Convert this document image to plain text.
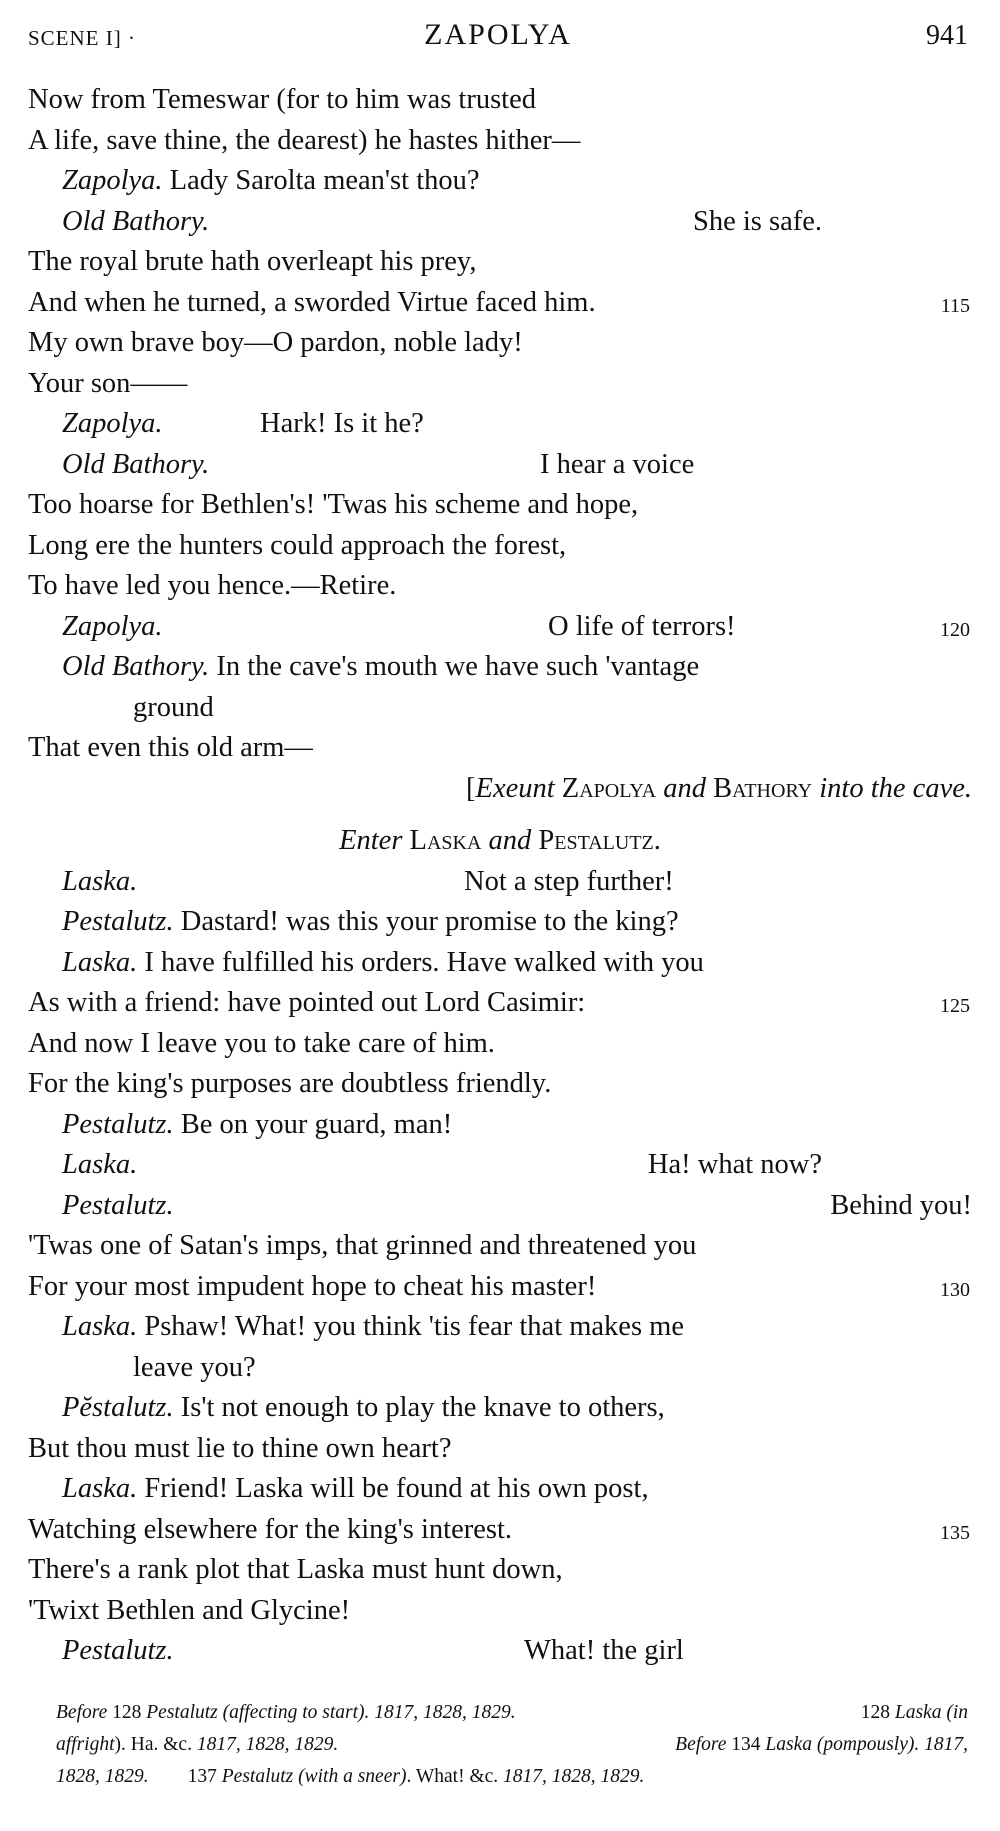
SCENE I] ·	ZAPOLYA	941
Now from Temeswar (for to him was trusted
A life, save thine, the dearest) he hastes hither—
Zapolya. Lady Sarolta mean'st thou?
Old Bathory.	She is safe.
The royal brute hath overleapt his prey,
And when he turned, a sworded Virtue faced him.	115
My own brave boy—O pardon, noble lady!
Your son——
Zapolya.	Hark! Is it he?
Old Bathory.	I hear a voice
Too hoarse for Bethlen's! 'Twas his scheme and hope,
Long ere the hunters could approach the forest,
To have led you hence.—Retire.
Zapolya.	O life of terrors!	120
Old Bathory. In the cave's mouth we have such 'vantage
ground
That even this old arm—
[Exeunt Zapolya and Bathory into the cave.
Enter Laska and Pestalutz.
Laska.	Not a step further!
Pestalutz. Dastard! was this your promise to the king?
Laska. I have fulfilled his orders. Have walked with you
As with a friend: have pointed out Lord Casimir:	125
And now I leave you to take care of him.
For the king's purposes are doubtless friendly.
Pestalutz. Be on your guard, man!
Laska.	Ha! what now?
Pestalutz.	Behind you!
'Twas one of Satan's imps, that grinned and threatened you
For your most impudent hope to cheat his master!	130
Laska. Pshaw! What! you think 'tis fear that makes me
leave you?
Pĕstalutz. Is't not enough to play the knave to others,
But thou must lie to thine own heart?
Laska. Friend! Laska will be found at his own post,
Watching elsewhere for the king's interest.	135
There's a rank plot that Laska must hunt down,
'Twixt Bethlen and Glycine!
Pestalutz.	What! the girl
Before 128 Pestalutz (affecting to start). 1817, 1828, 1829.	128 Laska (in
affright). Ha. &c. 1817, 1828, 1829.	Before 134 Laska (pompously). 1817,
1828, 1829. 137 Pestalutz (with a sneer). What! &c. 1817, 1828, 1829.
